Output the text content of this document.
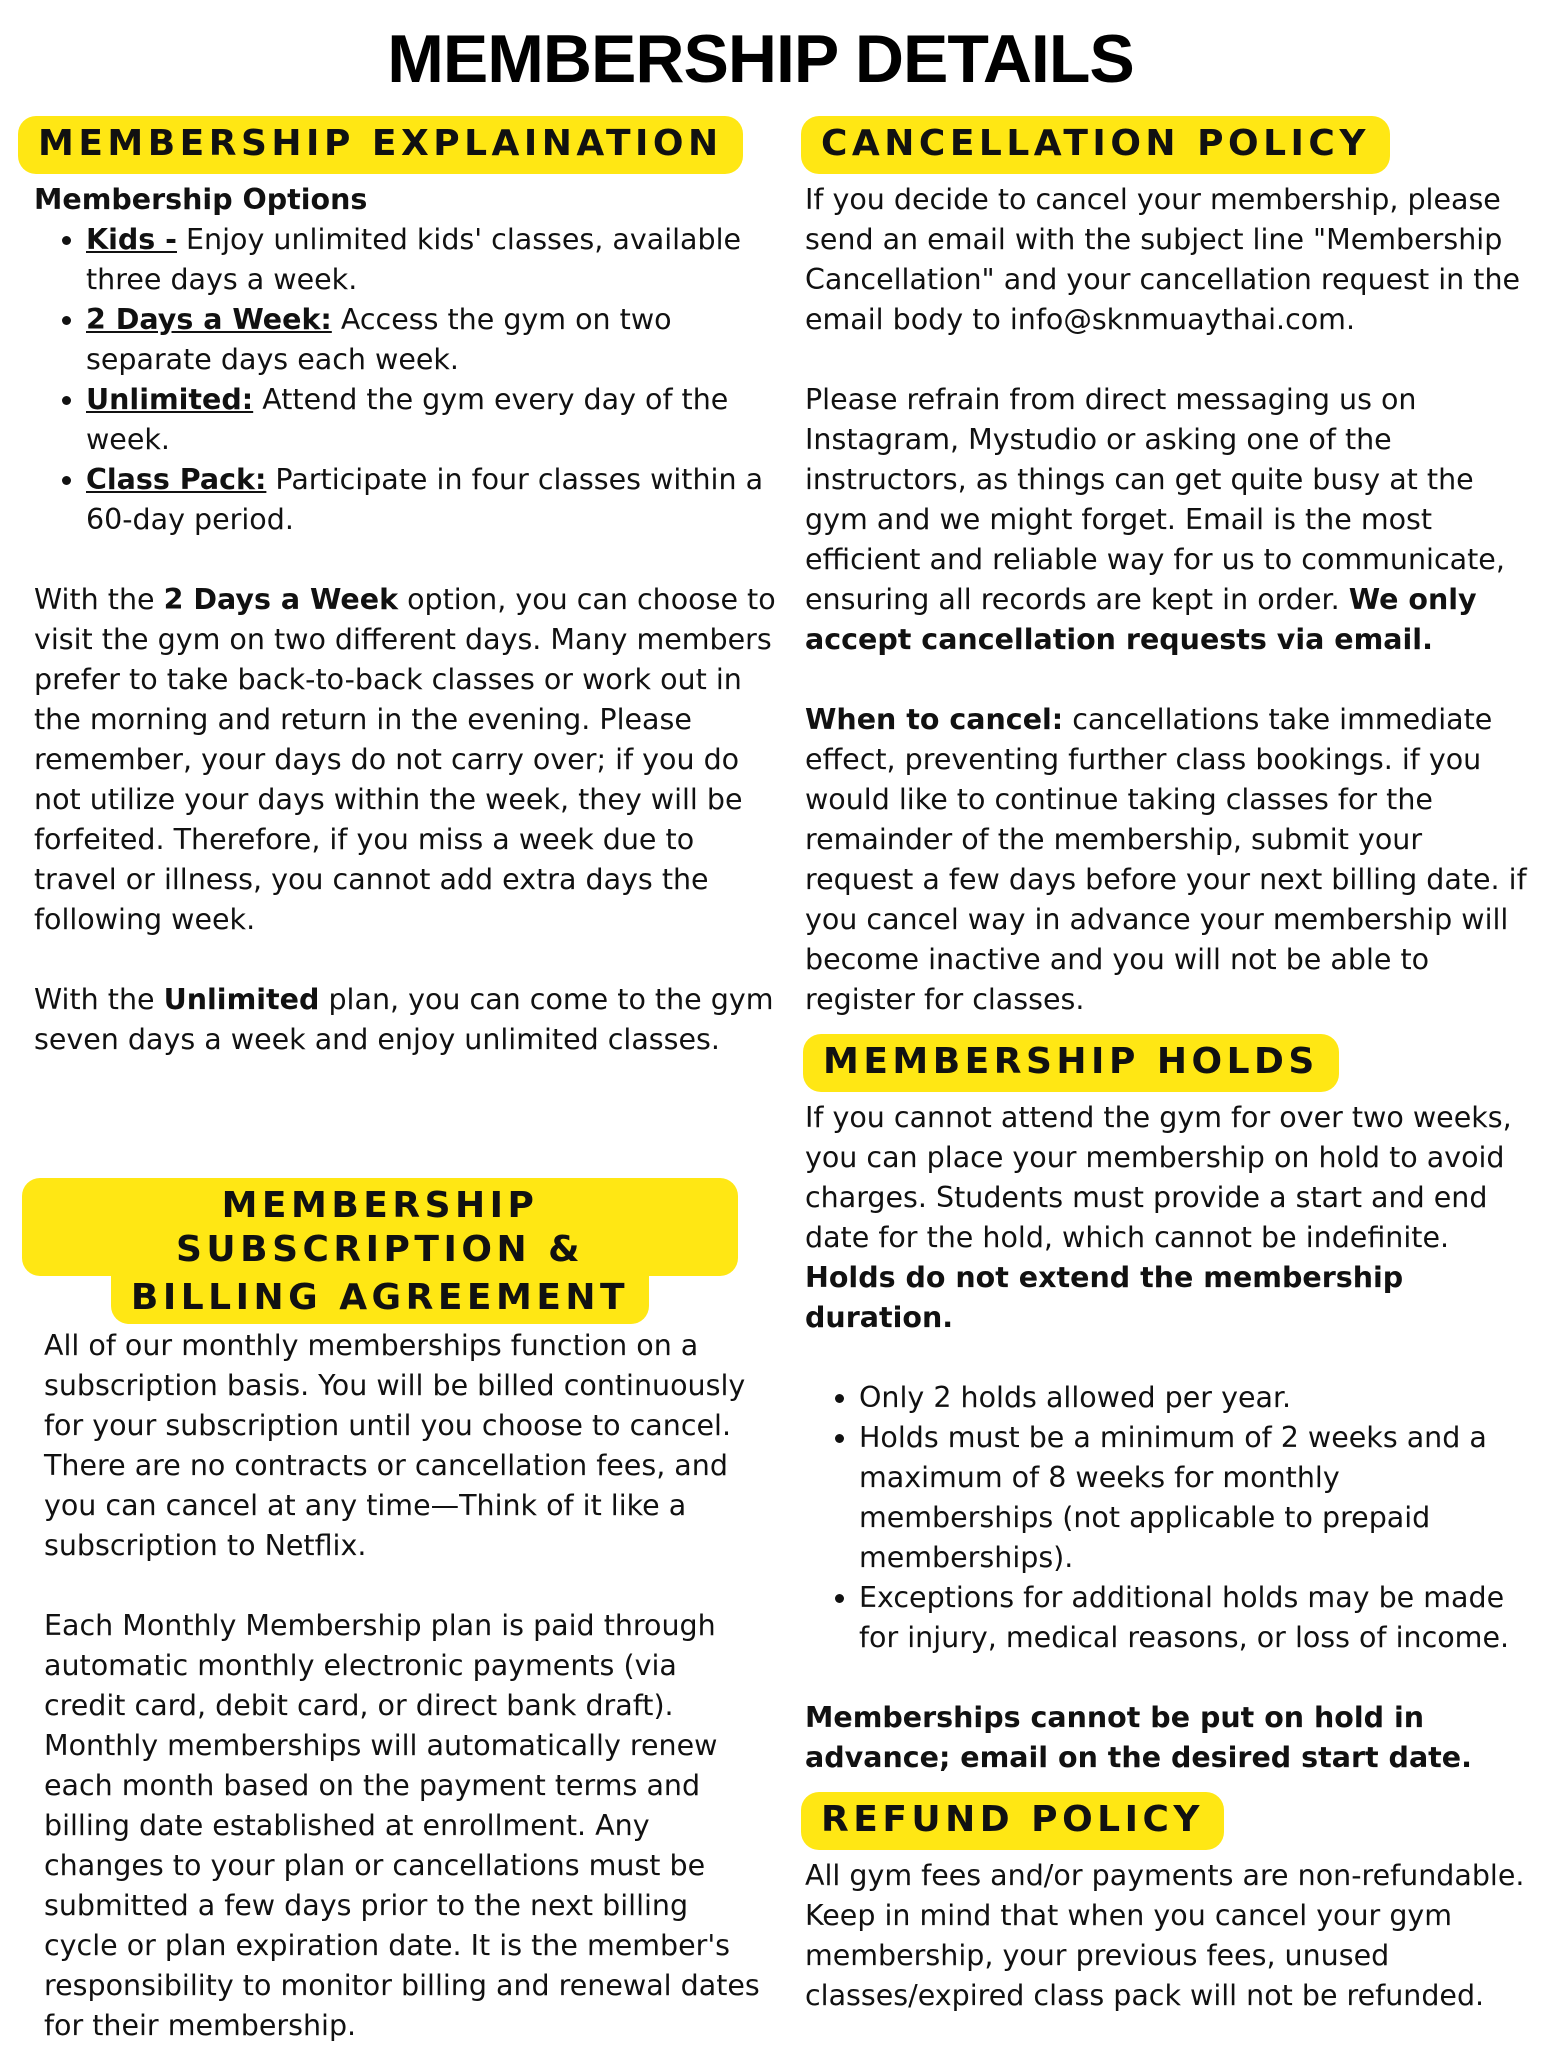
MEMBERSHIP DETAILS
MEMBERSHIP EXPLAINATION

Membership Options

• Kids - Enjoy unlimited kids' classes, available three days a week.
• 2 Days a Week: Access the gym on two separate days each week.
• Unlimited: Attend the gym every day of the week.
• Class Pack: Participate in four classes within a 60-day period.

With the 2 Days a Week option, you can choose to visit the gym on two different days. Many members prefer to take back-to-back classes or work out in the morning and return in the evening. Please remember, your days do not carry over; if you do not utilize your days within the week, they will be forfeited. Therefore, if you miss a week due to travel or illness, you cannot add extra days the following week.

With the Unlimited plan, you can come to the gym seven days a week and enjoy unlimited classes.

MEMBERSHIP SUBSCRIPTION &
BILLING AGREEMENT

All of our monthly memberships function on a subscription basis. You will be billed continuously for your subscription until you choose to cancel. There are no contracts or cancellation fees, and you can cancel at any time—Think of it like a subscription to Netflix.

Each Monthly Membership plan is paid through automatic monthly electronic payments (via credit card, debit card, or direct bank draft). Monthly memberships will automatically renew each month based on the payment terms and billing date established at enrollment. Any changes to your plan or cancellations must be submitted a few days prior to the next billing cycle or plan expiration date. It is the member's responsibility to monitor billing and renewal dates for their membership.

CANCELLATION POLICY

If you decide to cancel your membership, please send an email with the subject line "Membership Cancellation" and your cancellation request in the email body to info@sknmuaythai.com.

Please refrain from direct messaging us on Instagram, Mystudio or asking one of the instructors, as things can get quite busy at the gym and we might forget. Email is the most efficient and reliable way for us to communicate, ensuring all records are kept in order. We only accept cancellation requests via email.

When to cancel: cancellations take immediate effect, preventing further class bookings. if you would like to continue taking classes for the remainder of the membership, submit your request a few days before your next billing date. if you cancel way in advance your membership will become inactive and you will not be able to register for classes.

MEMBERSHIP HOLDS

If you cannot attend the gym for over two weeks, you can place your membership on hold to avoid charges. Students must provide a start and end date for the hold, which cannot be indefinite. Holds do not extend the membership duration.

• Only 2 holds allowed per year.
• Holds must be a minimum of 2 weeks and a maximum of 8 weeks for monthly memberships (not applicable to prepaid memberships).
• Exceptions for additional holds may be made for injury, medical reasons, or loss of income.

Memberships cannot be put on hold in advance; email on the desired start date.

REFUND POLICY

All gym fees and/or payments are non-refundable. Keep in mind that when you cancel your gym membership, your previous fees, unused classes/expired class pack will not be refunded.
